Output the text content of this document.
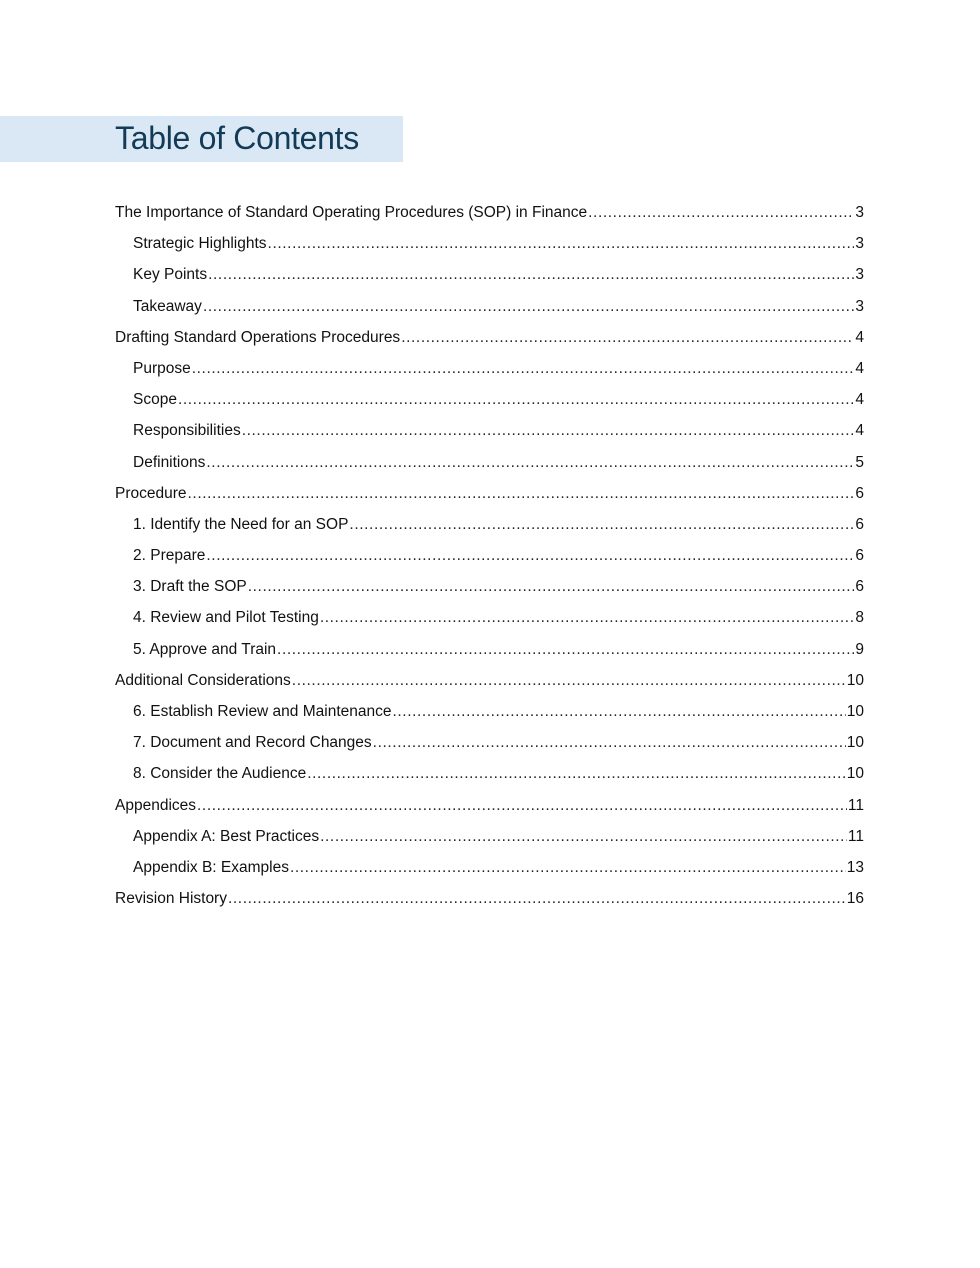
Table of Contents
The Importance of Standard Operating Procedures (SOP) in Finance .....	3
Strategic Highlights .....	3
Key Points .....	3
Takeaway .....	3
Drafting Standard Operations Procedures .....	4
Purpose .....	4
Scope .....	4
Responsibilities .....	4
Definitions .....	5
Procedure .....	6
1. Identify the Need for an SOP .....	6
2. Prepare .....	6
3. Draft the SOP .....	6
4. Review and Pilot Testing .....	8
5. Approve and Train .....	9
Additional Considerations .....	10
6. Establish Review and Maintenance .....	10
7. Document and Record Changes .....	10
8. Consider the Audience .....	10
Appendices .....	11
Appendix A: Best Practices .....	11
Appendix B: Examples .....	13
Revision History .....	16
